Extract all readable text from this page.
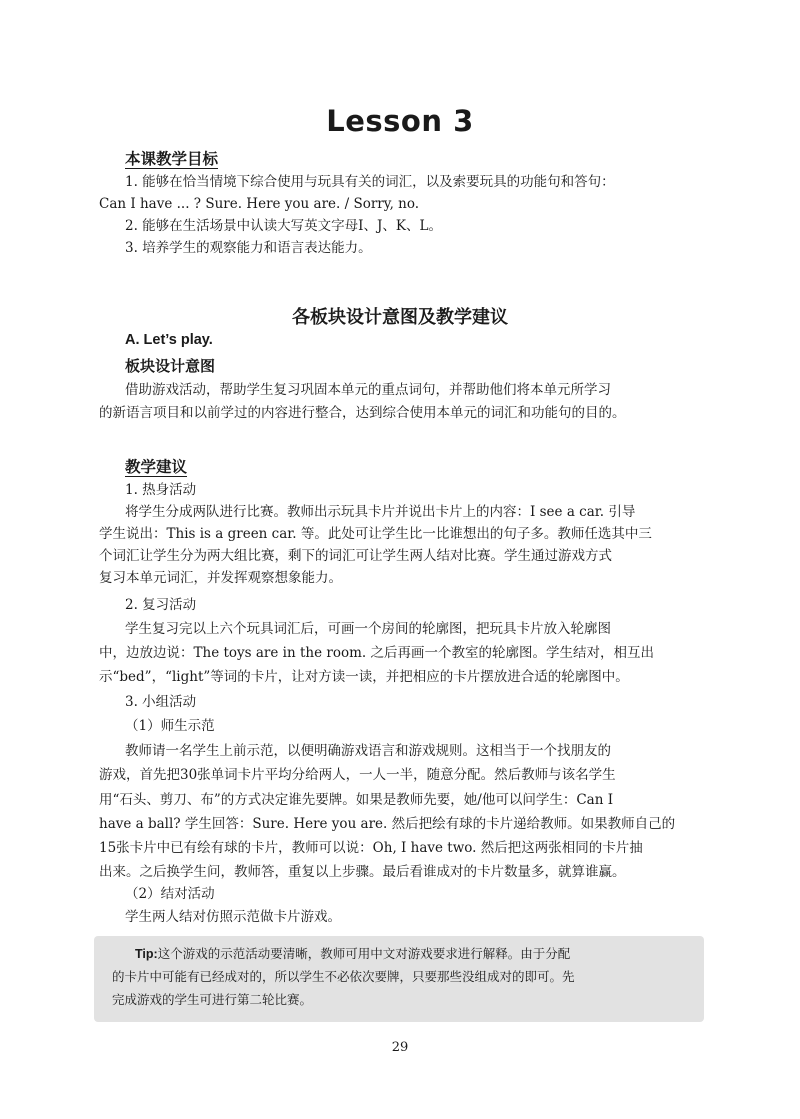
Lesson 3
本课教学目标

1. 能够在恰当情境下综合使用与玩具有关的词汇，以及索要玩具的功能句和答句：

Can I have ... ? Sure. Here you are. / Sorry, no.

2. 能够在生活场景中认读大写英文字母I、J、K、L。

3. 培养学生的观察能力和语言表达能力。

各板块设计意图及教学建议
A. Let’s play.
板块设计意图

借助游戏活动，帮助学生复习巩固本单元的重点词句，并帮助他们将本单元所学习

的新语言项目和以前学过的内容进行整合，达到综合使用本单元的词汇和功能句的目的。

教学建议

1. 热身活动

将学生分成两队进行比赛。教师出示玩具卡片并说出卡片上的内容：I see a car. 引导

学生说出：This is a green car. 等。此处可让学生比一比谁想出的句子多。教师任选其中三

个词汇让学生分为两大组比赛，剩下的词汇可让学生两人结对比赛。学生通过游戏方式

复习本单元词汇，并发挥观察想象能力。

2. 复习活动

学生复习完以上六个玩具词汇后，可画一个房间的轮廓图，把玩具卡片放入轮廓图

中，边放边说：The toys are in the room. 之后再画一个教室的轮廓图。学生结对，相互出

示“bed”，“light”等词的卡片，让对方读一读，并把相应的卡片摆放进合适的轮廓图中。

3. 小组活动

（1）师生示范

教师请一名学生上前示范，以便明确游戏语言和游戏规则。这相当于一个找朋友的

游戏，首先把30张单词卡片平均分给两人，一人一半，随意分配。然后教师与该名学生

用“石头、剪刀、布”的方式决定谁先要牌。如果是教师先要，她/他可以问学生：Can I

have a ball? 学生回答：Sure. Here you are. 然后把绘有球的卡片递给教师。如果教师自己的

15张卡片中已有绘有球的卡片，教师可以说：Oh, I have two. 然后把这两张相同的卡片抽

出来。之后换学生问，教师答，重复以上步骤。最后看谁成对的卡片数量多，就算谁赢。

（2）结对活动

学生两人结对仿照示范做卡片游戏。

Tip:这个游戏的示范活动要清晰，教师可用中文对游戏要求进行解释。由于分配

的卡片中可能有已经成对的，所以学生不必依次要牌，只要那些没组成对的即可。先

完成游戏的学生可进行第二轮比赛。

29
